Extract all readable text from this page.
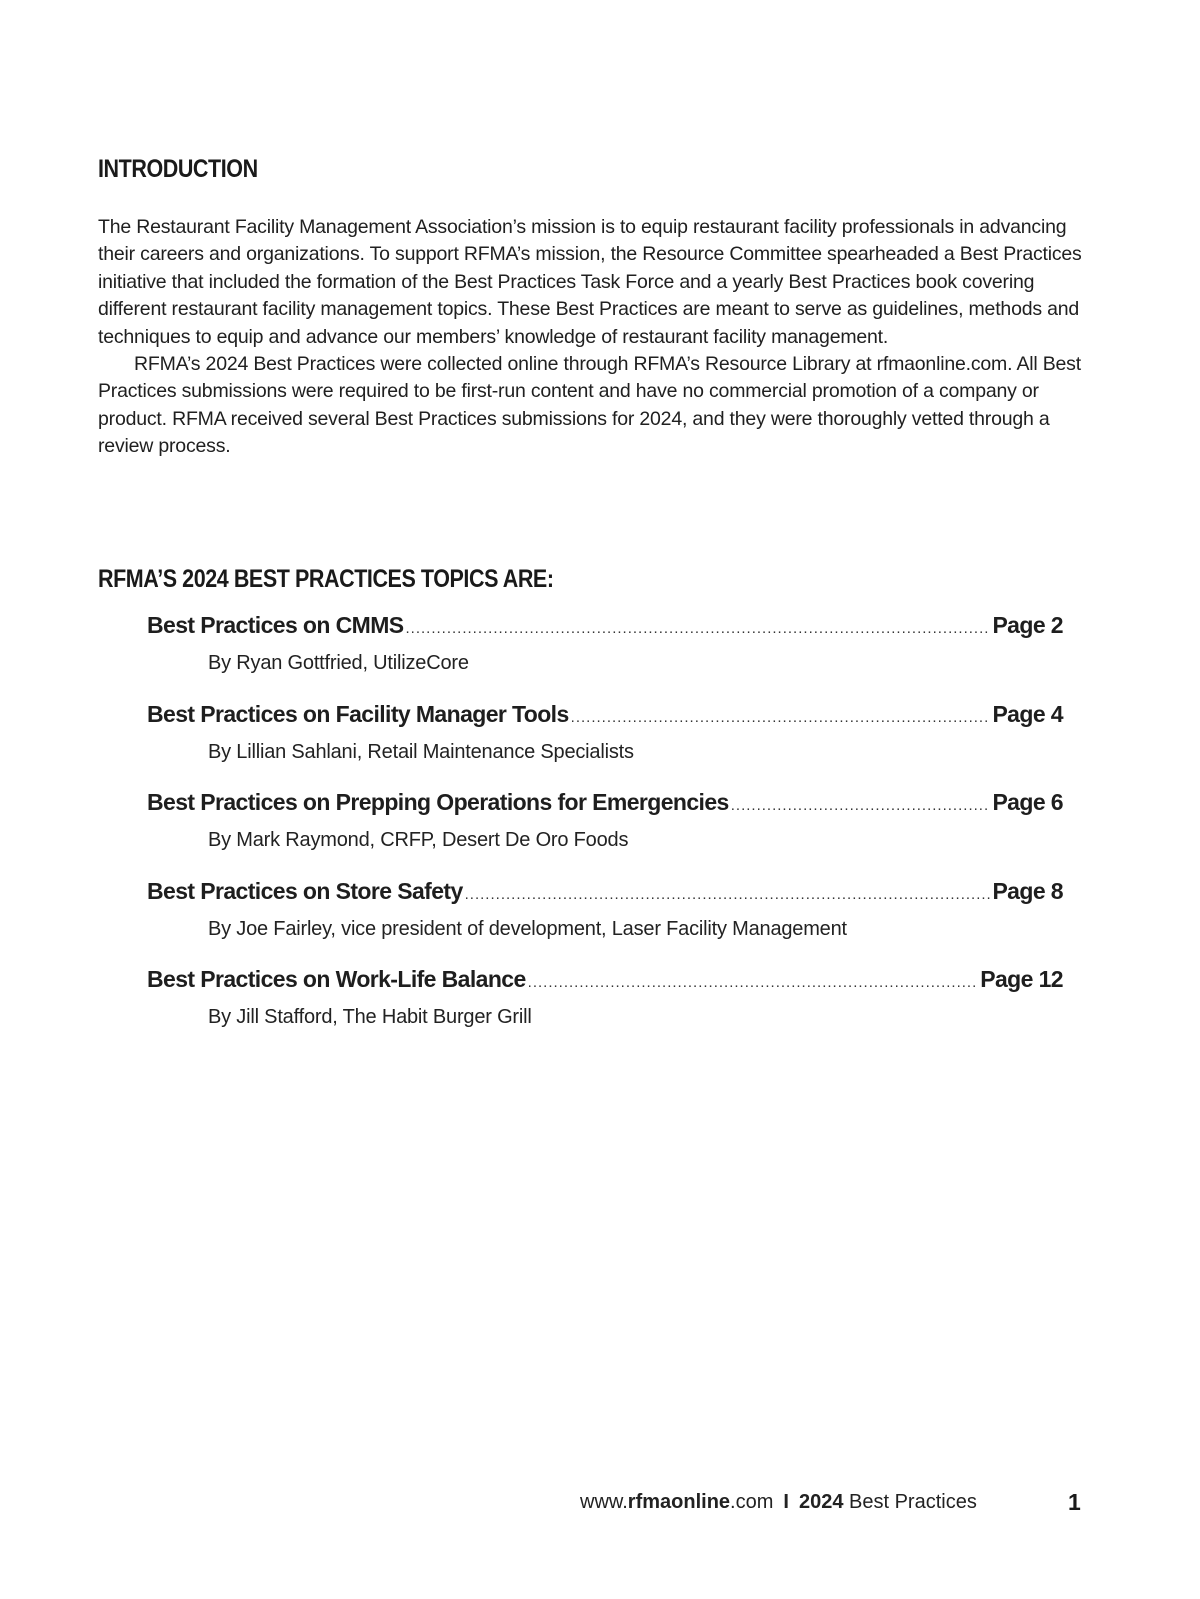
INTRODUCTION

The Restaurant Facility Management Association’s mission is to equip restaurant facility professionals in advancing their careers and organizations. To support RFMA’s mission, the Resource Committee spearheaded a Best Practices initiative that included the formation of the Best Practices Task Force and a yearly Best Practices book covering different restaurant facility management topics. These Best Practices are meant to serve as guidelines, methods and techniques to equip and advance our members’ knowledge of restaurant facility management.

RFMA’s 2024 Best Practices were collected online through RFMA’s Resource Library at rfmaonline.com. All Best Practices submissions were required to be first-run content and have no commercial promotion of a company or product. RFMA received several Best Practices submissions for 2024, and they were thoroughly vetted through a review process.

RFMA’S 2024 BEST PRACTICES TOPICS ARE:
Best Practices on CMMS .....	Page 2
By Ryan Gottfried, UtilizeCore
Best Practices on Facility Manager Tools .....	Page 4
By Lillian Sahlani, Retail Maintenance Specialists
Best Practices on Prepping Operations for Emergencies .....	Page 6
By Mark Raymond, CRFP, Desert De Oro Foods
Best Practices on Store Safety .....	Page 8
By Joe Fairley, vice president of development, Laser Facility Management
Best Practices on Work-Life Balance .....	Page 12
By Jill Stafford, The Habit Burger Grill
www.rfmaonline.com I 2024 Best Practices	1
